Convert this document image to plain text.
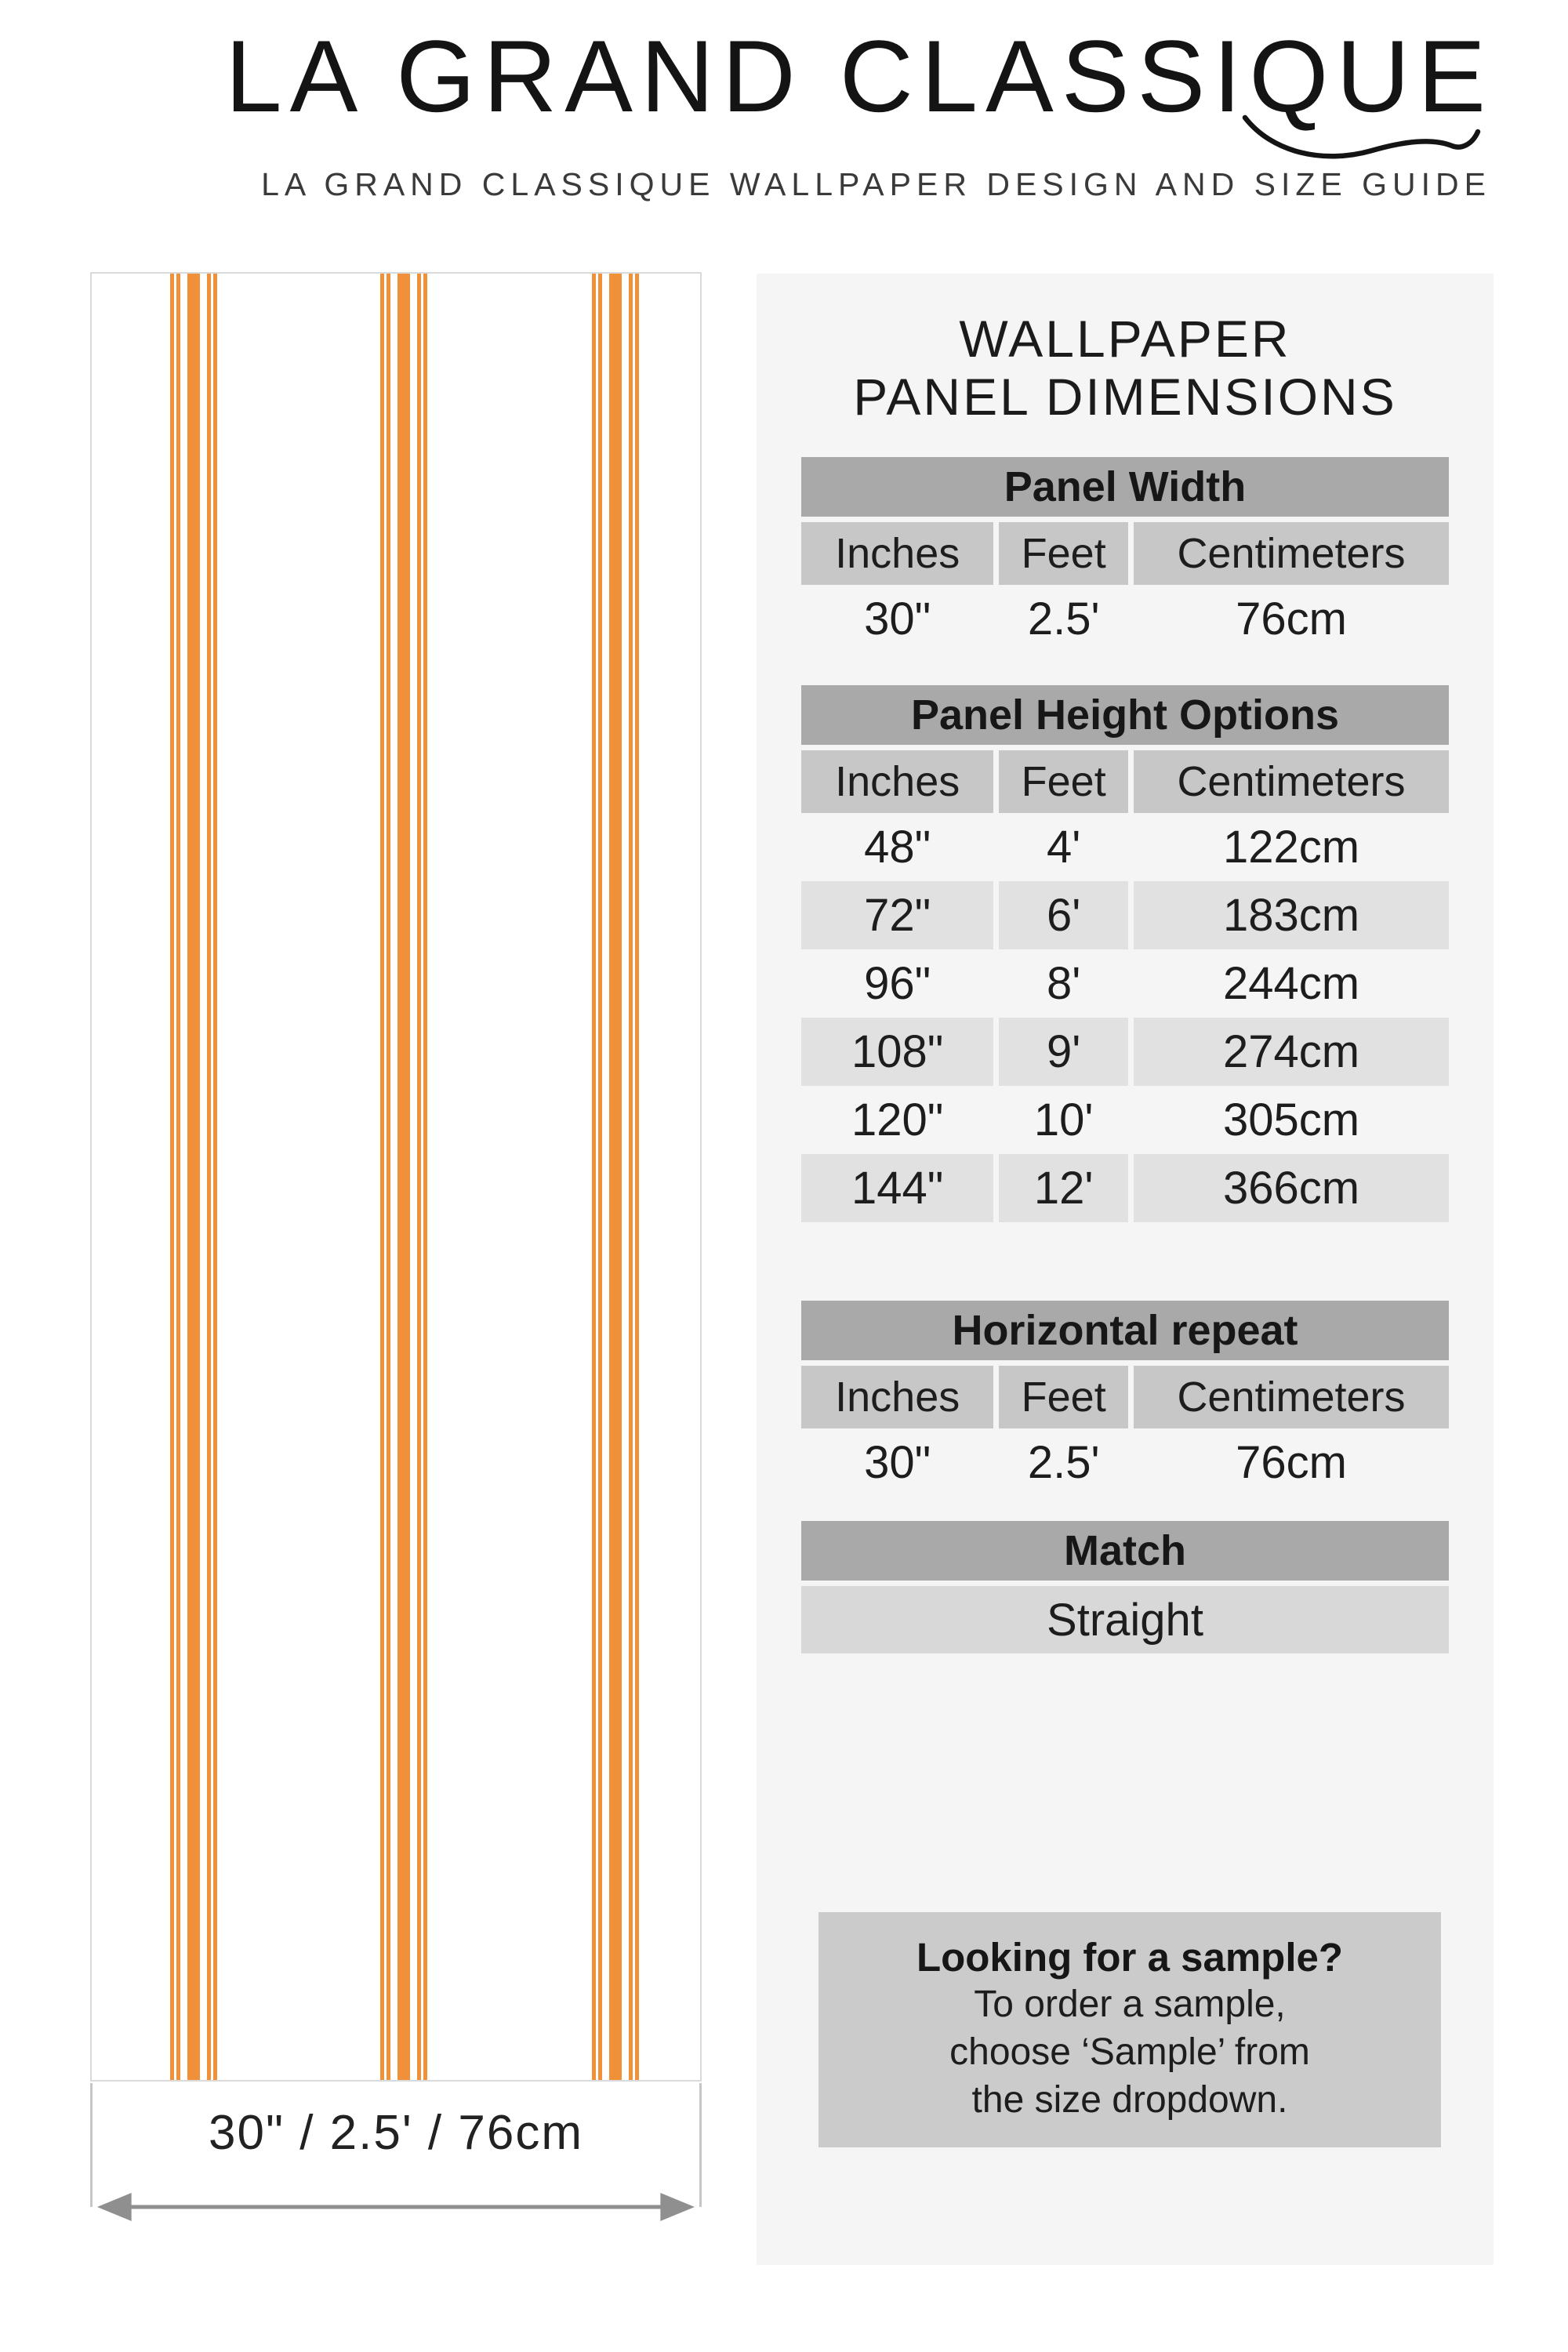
LA GRAND CLASSIQUE
LA GRAND CLASSIQUE WALLPAPER DESIGN AND SIZE GUIDE
30" / 2.5' / 76cm
WALLPAPER
PANEL DIMENSIONS
Panel Width
Inches	Feet	Centimeters
30"	2.5'	76cm
Panel Height Options
Inches	Feet	Centimeters
48"	4'	122cm
72"	6'	183cm
96"	8'	244cm
108"	9'	274cm
120"	10'	305cm
144"	12'	366cm
Horizontal repeat
Inches	Feet	Centimeters
30"	2.5'	76cm
Match
Straight
Looking for a sample?
To order a sample,
choose ‘Sample’ from
the size dropdown.
